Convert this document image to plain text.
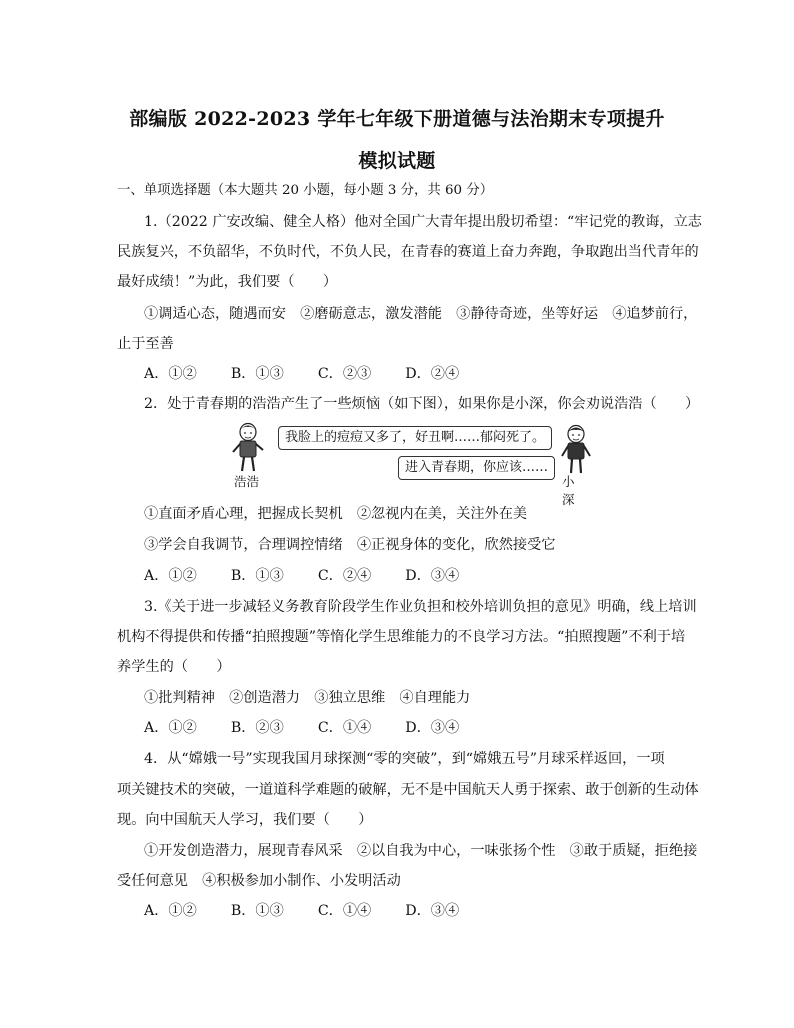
部编版 2022-2023 学年七年级下册道德与法治期末专项提升
模拟试题
一、单项选择题（本大题共 20 小题，每小题 3 分，共 60 分）
1.（2022 广安改编、健全人格）他对全国广大青年提出殷切希望：“牢记党的教诲，立志
民族复兴，不负韶华，不负时代，不负人民，在青春的赛道上奋力奔跑，争取跑出当代青年的
最好成绩！”为此，我们要（　　）
①调适心态，随遇而安　②磨砺意志，激发潜能　③静待奇迹，坐等好运　④追梦前行，
止于至善
A．①② B．①③ C．②③ D．②④
2．处于青春期的浩浩产生了一些烦恼（如下图），如果你是小深，你会劝说浩浩（　　）
我脸上的痘痘又多了，好丑啊……郁闷死了。
进入青春期，你应该……
浩浩	小深
①直面矛盾心理，把握成长契机　②忽视内在美，关注外在美
③学会自我调节，合理调控情绪　④正视身体的变化，欣然接受它
A．①② B．①③ C．②④ D．③④
3.《关于进一步减轻义务教育阶段学生作业负担和校外培训负担的意见》明确，线上培训
机构不得提供和传播“拍照搜题”等惰化学生思维能力的不良学习方法。“拍照搜题”不利于培
养学生的（　　）
①批判精神　②创造潜力　③独立思维　④自理能力
A．①② B．②③ C．①④ D．③④
4．从“嫦娥一号”实现我国月球探测“零的突破”，到“嫦娥五号”月球采样返回，一项
项关键技术的突破，一道道科学难题的破解，无不是中国航天人勇于探索、敢于创新的生动体
现。向中国航天人学习，我们要（　　）
①开发创造潜力，展现青春风采　②以自我为中心，一味张扬个性　③敢于质疑，拒绝接
受任何意见　④积极参加小制作、小发明活动
A．①② B．①③ C．①④ D．③④
